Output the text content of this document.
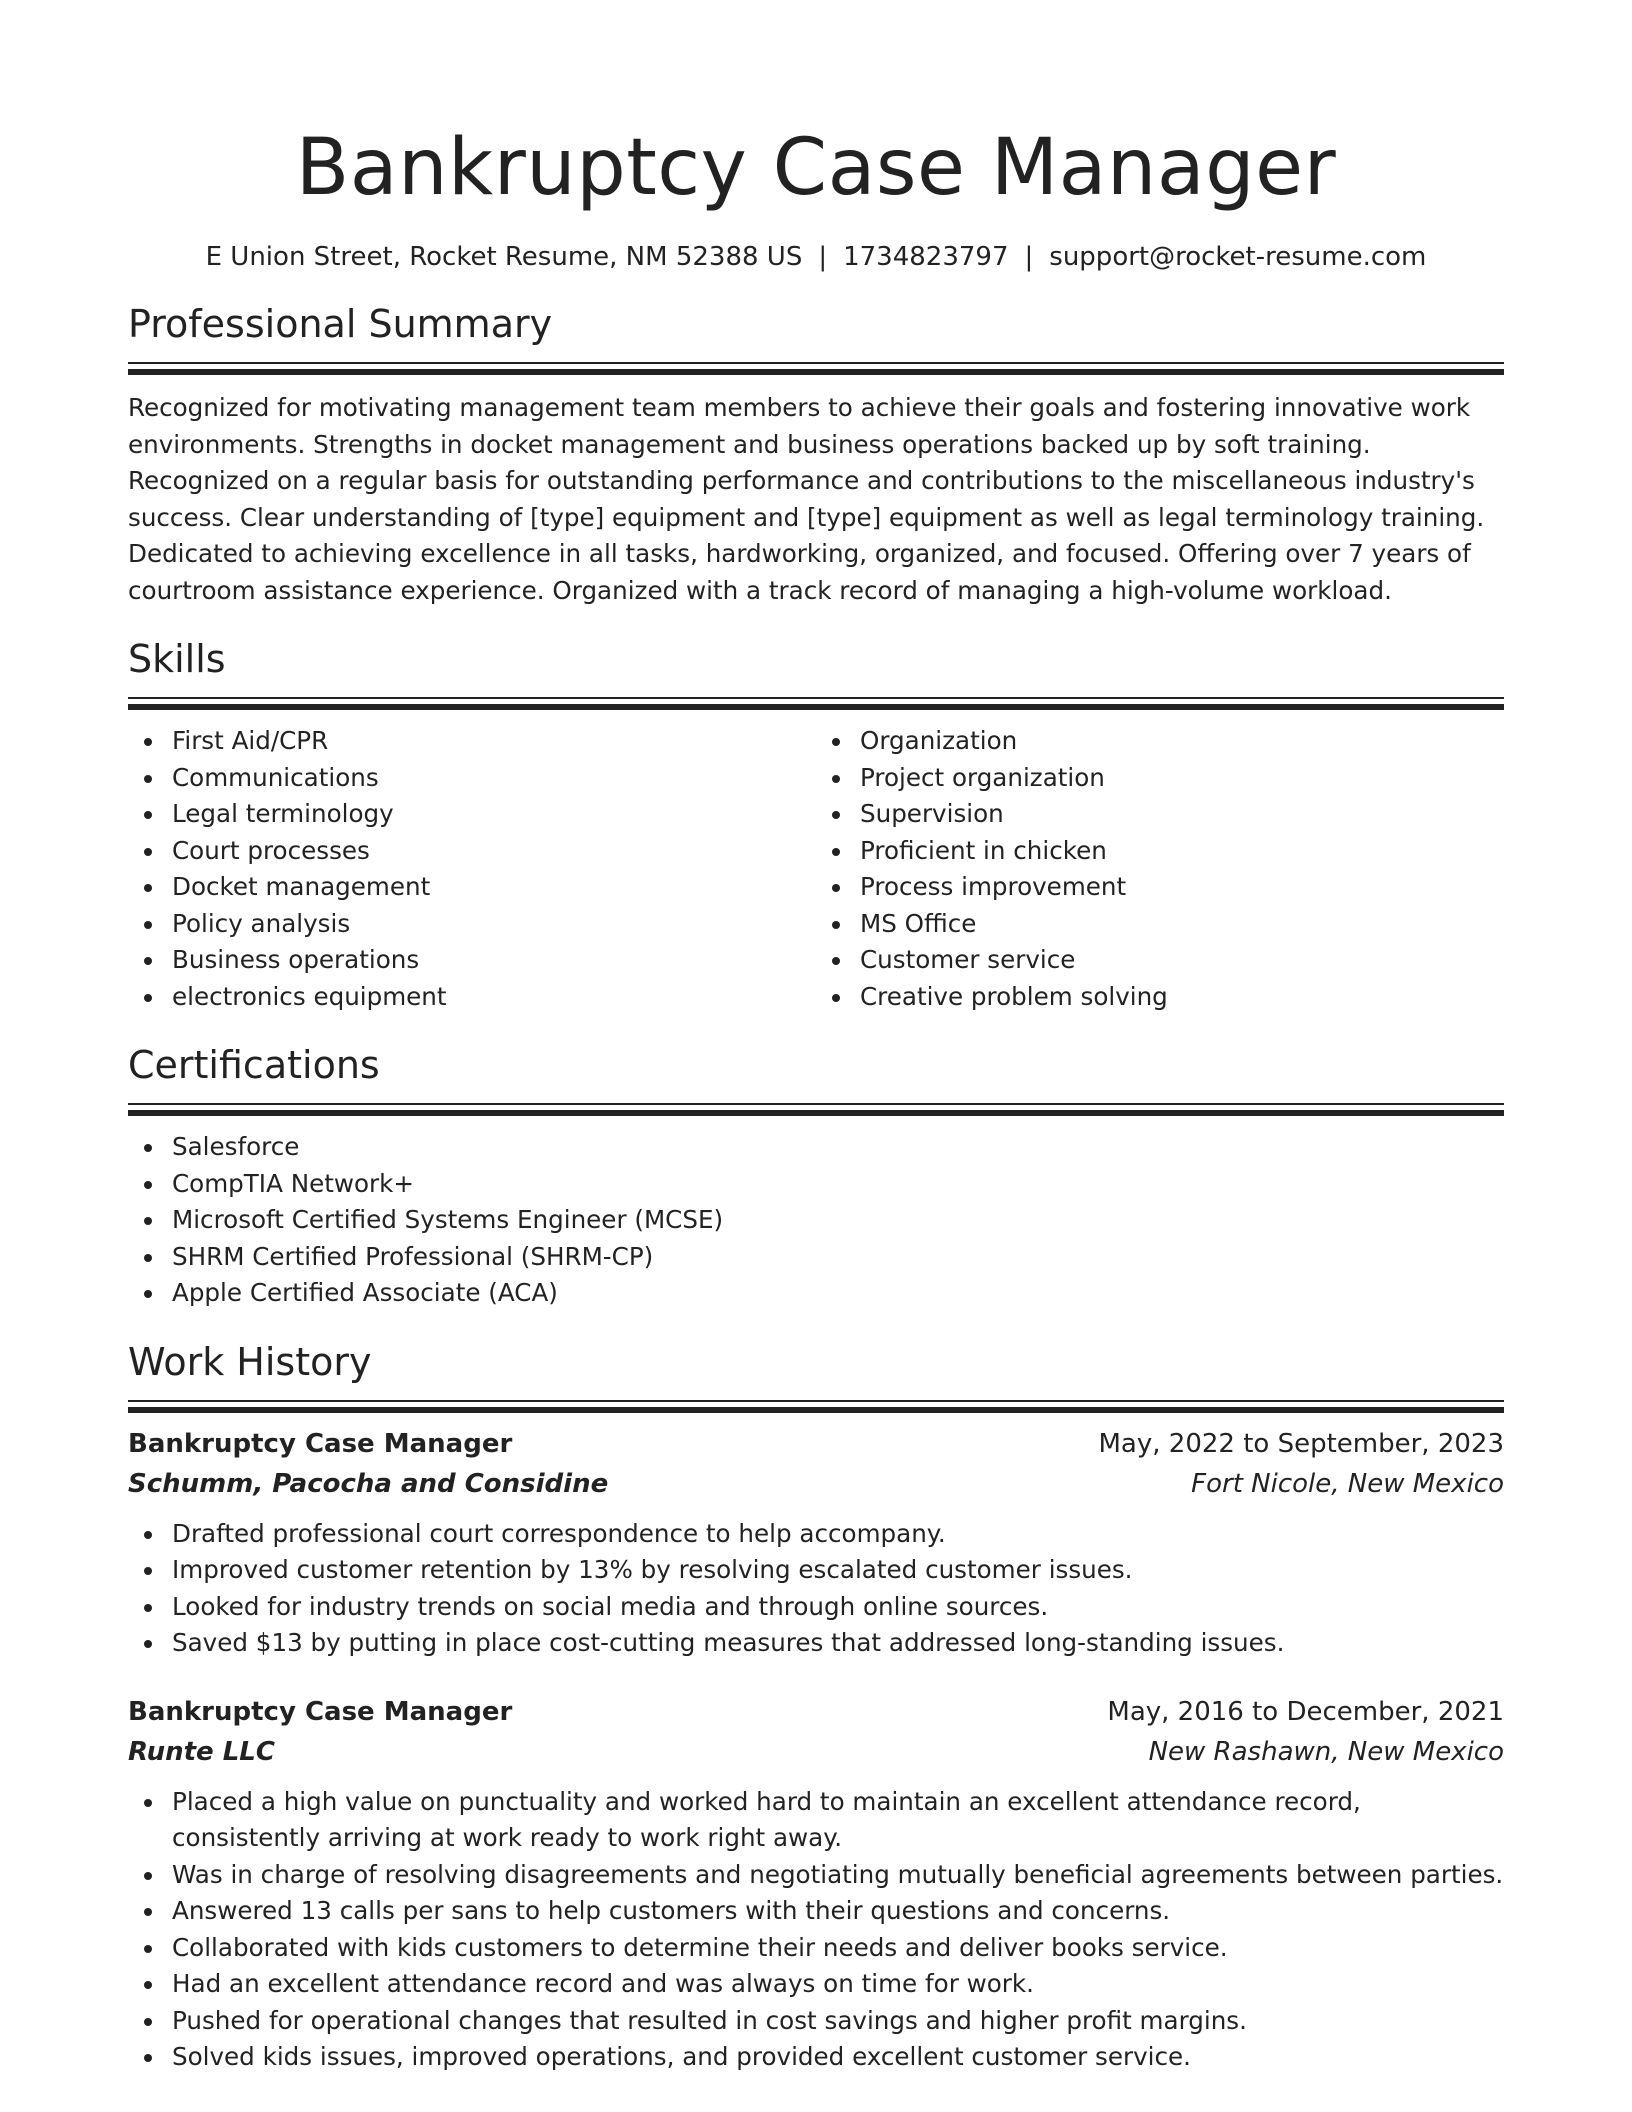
Bankruptcy Case Manager
E Union Street, Rocket Resume, NM 52388 US | 1734823797 | support@rocket-resume.com
Professional Summary
Recognized for motivating management team members to achieve their goals and fostering innovative work environments. Strengths in docket management and business operations backed up by soft training. Recognized on a regular basis for outstanding performance and contributions to the miscellaneous industry's success. Clear understanding of [type] equipment and [type] equipment as well as legal terminology training. Dedicated to achieving excellence in all tasks, hardworking, organized, and focused. Offering over 7 years of courtroom assistance experience. Organized with a track record of managing a high-volume workload.
Skills
First Aid/CPR
Communications
Legal terminology
Court processes
Docket management
Policy analysis
Business operations
electronics equipment
Organization
Project organization
Supervision
Proficient in chicken
Process improvement
MS Office
Customer service
Creative problem solving
Certifications
Salesforce
CompTIA Network+
Microsoft Certified Systems Engineer (MCSE)
SHRM Certified Professional (SHRM-CP)
Apple Certified Associate (ACA)
Work History
Bankruptcy Case Manager	May, 2022 to September, 2023
Schumm, Pacocha and Considine	Fort Nicole, New Mexico
Drafted professional court correspondence to help accompany.
Improved customer retention by 13% by resolving escalated customer issues.
Looked for industry trends on social media and through online sources.
Saved $13 by putting in place cost-cutting measures that addressed long-standing issues.
Bankruptcy Case Manager	May, 2016 to December, 2021
Runte LLC	New Rashawn, New Mexico
Placed a high value on punctuality and worked hard to maintain an excellent attendance record, consistently arriving at work ready to work right away.
Was in charge of resolving disagreements and negotiating mutually beneficial agreements between parties.
Answered 13 calls per sans to help customers with their questions and concerns.
Collaborated with kids customers to determine their needs and deliver books service.
Had an excellent attendance record and was always on time for work.
Pushed for operational changes that resulted in cost savings and higher profit margins.
Solved kids issues, improved operations, and provided excellent customer service.
